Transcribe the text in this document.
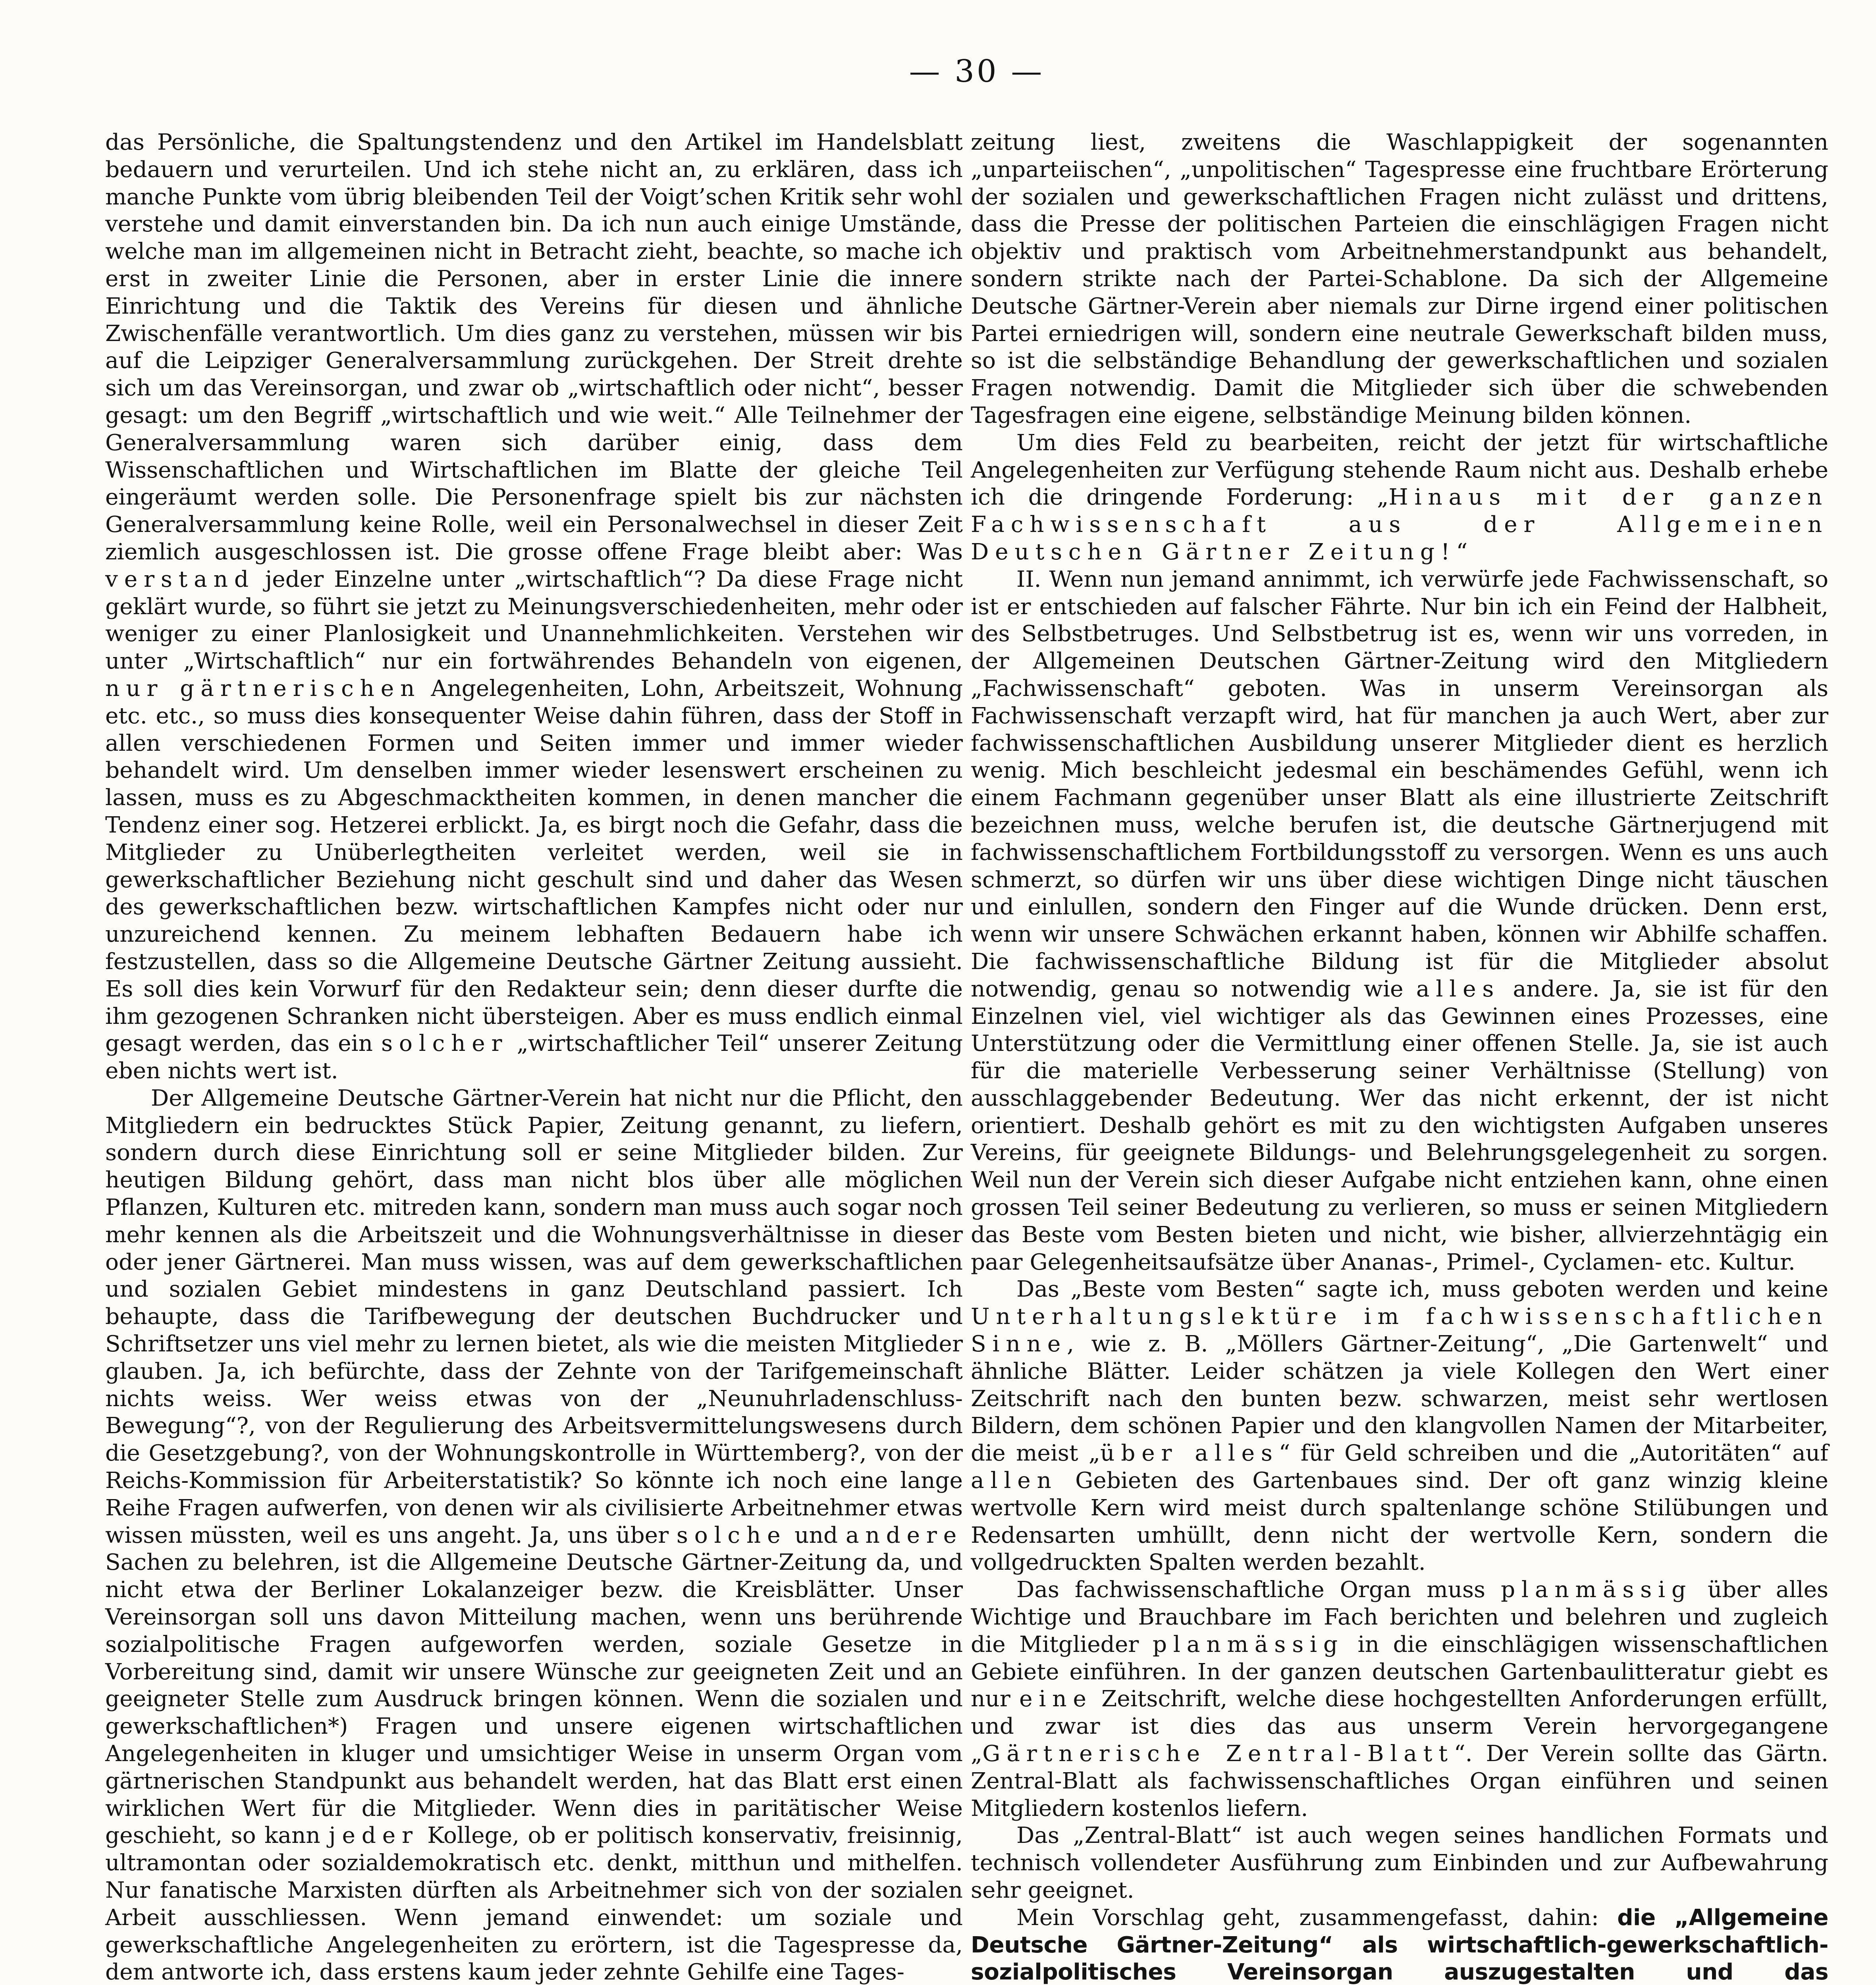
— 30 —

das Persönliche, die Spaltungstendenz und den Artikel im Handelsblatt bedauern und verurteilen. Und ich stehe nicht an, zu erklären, dass ich manche Punkte vom übrig bleibenden Teil der Voigt’schen Kritik sehr wohl verstehe und damit einverstanden bin. Da ich nun auch einige Umstände, welche man im allgemeinen nicht in Betracht zieht, beachte, so mache ich erst in zweiter Linie die Personen, aber in erster Linie die innere Einrichtung und die Taktik des Vereins für diesen und ähnliche Zwischenfälle verantwortlich. Um dies ganz zu verstehen, müssen wir bis auf die Leipziger Generalversammlung zurückgehen. Der Streit drehte sich um das Vereinsorgan, und zwar ob „wirtschaftlich oder nicht“, besser gesagt: um den Begriff „wirtschaftlich und wie weit.“ Alle Teilnehmer der Generalversammlung waren sich darüber einig, dass dem Wissenschaftlichen und Wirtschaftlichen im Blatte der gleiche Teil eingeräumt werden solle. Die Personenfrage spielt bis zur nächsten Generalversammlung keine Rolle, weil ein Personalwechsel in dieser Zeit ziemlich ausgeschlossen ist. Die grosse offene Frage bleibt aber: Was verstand jeder Einzelne unter „wirtschaftlich“? Da diese Frage nicht geklärt wurde, so führt sie jetzt zu Meinungsverschiedenheiten, mehr oder weniger zu einer Planlosigkeit und Unannehmlichkeiten. Verstehen wir unter „Wirtschaftlich“ nur ein fortwährendes Behandeln von eigenen, nur gärtnerischen Angelegenheiten, Lohn, Arbeitszeit, Wohnung etc. etc., so muss dies konsequenter Weise dahin führen, dass der Stoff in allen verschiedenen Formen und Seiten immer und immer wieder behandelt wird. Um denselben immer wieder lesenswert erscheinen zu lassen, muss es zu Abgeschmacktheiten kommen, in denen mancher die Tendenz einer sog. Hetzerei erblickt. Ja, es birgt noch die Gefahr, dass die Mitglieder zu Unüberlegtheiten verleitet werden, weil sie in gewerkschaftlicher Beziehung nicht geschult sind und daher das Wesen des gewerkschaftlichen bezw. wirtschaftlichen Kampfes nicht oder nur unzureichend kennen. Zu meinem lebhaften Bedauern habe ich festzustellen, dass so die Allgemeine Deutsche Gärtner Zeitung aussieht. Es soll dies kein Vorwurf für den Redakteur sein; denn dieser durfte die ihm gezogenen Schranken nicht übersteigen. Aber es muss endlich einmal gesagt werden, das ein solcher „wirtschaftlicher Teil“ unserer Zeitung eben nichts wert ist.

Der Allgemeine Deutsche Gärtner-Verein hat nicht nur die Pflicht, den Mitgliedern ein bedrucktes Stück Papier, Zeitung genannt, zu liefern, sondern durch diese Einrichtung soll er seine Mitglieder bilden. Zur heutigen Bildung gehört, dass man nicht blos über alle möglichen Pflanzen, Kulturen etc. mitreden kann, sondern man muss auch sogar noch mehr kennen als die Arbeitszeit und die Wohnungsverhältnisse in dieser oder jener Gärtnerei. Man muss wissen, was auf dem gewerkschaftlichen und sozialen Gebiet mindestens in ganz Deutschland passiert. Ich behaupte, dass die Tarifbewegung der deutschen Buchdrucker und Schriftsetzer uns viel mehr zu lernen bietet, als wie die meisten Mitglieder glauben. Ja, ich befürchte, dass der Zehnte von der Tarifgemeinschaft nichts weiss. Wer weiss etwas von der „Neunuhrladenschluss-Bewegung“?, von der Regulierung des Arbeitsvermittelungswesens durch die Gesetzgebung?, von der Wohnungskontrolle in Württemberg?, von der Reichs-Kommission für Arbeiterstatistik? So könnte ich noch eine lange Reihe Fragen aufwerfen, von denen wir als civilisierte Arbeitnehmer etwas wissen müssten, weil es uns angeht. Ja, uns über solche und andere Sachen zu belehren, ist die Allgemeine Deutsche Gärtner-Zeitung da, und nicht etwa der Berliner Lokalanzeiger bezw. die Kreisblätter. Unser Vereinsorgan soll uns davon Mitteilung machen, wenn uns berührende sozialpolitische Fragen aufgeworfen werden, soziale Gesetze in Vorbereitung sind, damit wir unsere Wünsche zur geeigneten Zeit und an geeigneter Stelle zum Ausdruck bringen können. Wenn die sozialen und gewerkschaftlichen*) Fragen und unsere eigenen wirtschaftlichen Angelegenheiten in kluger und umsichtiger Weise in unserm Organ vom gärtnerischen Standpunkt aus behandelt werden, hat das Blatt erst einen wirklichen Wert für die Mitglieder. Wenn dies in paritätischer Weise geschieht, so kann jeder Kollege, ob er politisch konservativ, freisinnig, ultramontan oder sozialdemokratisch etc. denkt, mitthun und mithelfen. Nur fanatische Marxisten dürften als Arbeitnehmer sich von der sozialen Arbeit ausschliessen. Wenn jemand einwendet: um soziale und gewerkschaftliche Angelegenheiten zu erörtern, ist die Tagespresse da, dem antworte ich, dass erstens kaum jeder zehnte Gehilfe eine Tages-

zeitung liest, zweitens die Waschlappigkeit der sogenannten „unparteiischen“, „unpolitischen“ Tagespresse eine fruchtbare Erörterung der sozialen und gewerkschaftlichen Fragen nicht zulässt und drittens, dass die Presse der politischen Parteien die einschlägigen Fragen nicht objektiv und praktisch vom Arbeitnehmerstandpunkt aus behandelt, sondern strikte nach der Partei-Schablone. Da sich der Allgemeine Deutsche Gärtner-Verein aber niemals zur Dirne irgend einer politischen Partei erniedrigen will, sondern eine neutrale Gewerkschaft bilden muss, so ist die selbständige Behandlung der gewerkschaftlichen und sozialen Fragen notwendig. Damit die Mitglieder sich über die schwebenden Tagesfragen eine eigene, selbständige Meinung bilden können.

Um dies Feld zu bearbeiten, reicht der jetzt für wirtschaftliche Angelegenheiten zur Verfügung stehende Raum nicht aus. Deshalb erhebe ich die dringende Forderung: „Hinaus mit der ganzen Fachwissenschaft aus der Allgemeinen Deutschen Gärtner Zeitung!“

II. Wenn nun jemand annimmt, ich verwürfe jede Fachwissenschaft, so ist er entschieden auf falscher Fährte. Nur bin ich ein Feind der Halbheit, des Selbstbetruges. Und Selbstbetrug ist es, wenn wir uns vorreden, in der Allgemeinen Deutschen Gärtner-Zeitung wird den Mitgliedern „Fachwissenschaft“ geboten. Was in unserm Vereinsorgan als Fachwissenschaft verzapft wird, hat für manchen ja auch Wert, aber zur fachwissenschaftlichen Ausbildung unserer Mitglieder dient es herzlich wenig. Mich beschleicht jedesmal ein beschämendes Gefühl, wenn ich einem Fachmann gegenüber unser Blatt als eine illustrierte Zeitschrift bezeichnen muss, welche berufen ist, die deutsche Gärtnerjugend mit fachwissenschaftlichem Fortbildungsstoff zu versorgen. Wenn es uns auch schmerzt, so dürfen wir uns über diese wichtigen Dinge nicht täuschen und einlullen, sondern den Finger auf die Wunde drücken. Denn erst, wenn wir unsere Schwächen erkannt haben, können wir Abhilfe schaffen. Die fachwissenschaftliche Bildung ist für die Mitglieder absolut notwendig, genau so notwendig wie alles andere. Ja, sie ist für den Einzelnen viel, viel wichtiger als das Gewinnen eines Prozesses, eine Unterstützung oder die Vermittlung einer offenen Stelle. Ja, sie ist auch für die materielle Verbesserung seiner Verhältnisse (Stellung) von ausschlaggebender Bedeutung. Wer das nicht erkennt, der ist nicht orientiert. Deshalb gehört es mit zu den wichtigsten Aufgaben unseres Vereins, für geeignete Bildungs- und Belehrungsgelegenheit zu sorgen. Weil nun der Verein sich dieser Aufgabe nicht entziehen kann, ohne einen grossen Teil seiner Bedeutung zu verlieren, so muss er seinen Mitgliedern das Beste vom Besten bieten und nicht, wie bisher, allvierzehntägig ein paar Gelegenheitsaufsätze über Ananas-, Primel-, Cyclamen- etc. Kultur.

Das „Beste vom Besten“ sagte ich, muss geboten werden und keine Unterhaltungslektüre im fachwissenschaftlichen Sinne, wie z. B. „Möllers Gärtner-Zeitung“, „Die Gartenwelt“ und ähnliche Blätter. Leider schätzen ja viele Kollegen den Wert einer Zeitschrift nach den bunten bezw. schwarzen, meist sehr wertlosen Bildern, dem schönen Papier und den klangvollen Namen der Mitarbeiter, die meist „über alles“ für Geld schreiben und die „Autoritäten“ auf allen Gebieten des Gartenbaues sind. Der oft ganz winzig kleine wertvolle Kern wird meist durch spaltenlange schöne Stilübungen und Redensarten umhüllt, denn nicht der wertvolle Kern, sondern die vollgedruckten Spalten werden bezahlt.

Das fachwissenschaftliche Organ muss planmässig über alles Wichtige und Brauchbare im Fach berichten und belehren und zugleich die Mitglieder planmässig in die einschlägigen wissenschaftlichen Gebiete einführen. In der ganzen deutschen Gartenbaulitteratur giebt es nur eine Zeitschrift, welche diese hochgestellten Anforderungen erfüllt, und zwar ist dies das aus unserm Verein hervorgegangene „Gärtnerische Zentral-Blatt“. Der Verein sollte das Gärtn. Zentral-Blatt als fachwissenschaftliches Organ einführen und seinen Mitgliedern kostenlos liefern.

Das „Zentral-Blatt“ ist auch wegen seines handlichen Formats und technisch vollendeter Ausführung zum Einbinden und zur Aufbewahrung sehr geeignet.

Mein Vorschlag geht, zusammengefasst, dahin: die „Allgemeine Deutsche Gärtner-Zeitung“ als wirtschaftlich-gewerkschaftlich-sozialpolitisches Vereinsorgan auszugestalten und das
